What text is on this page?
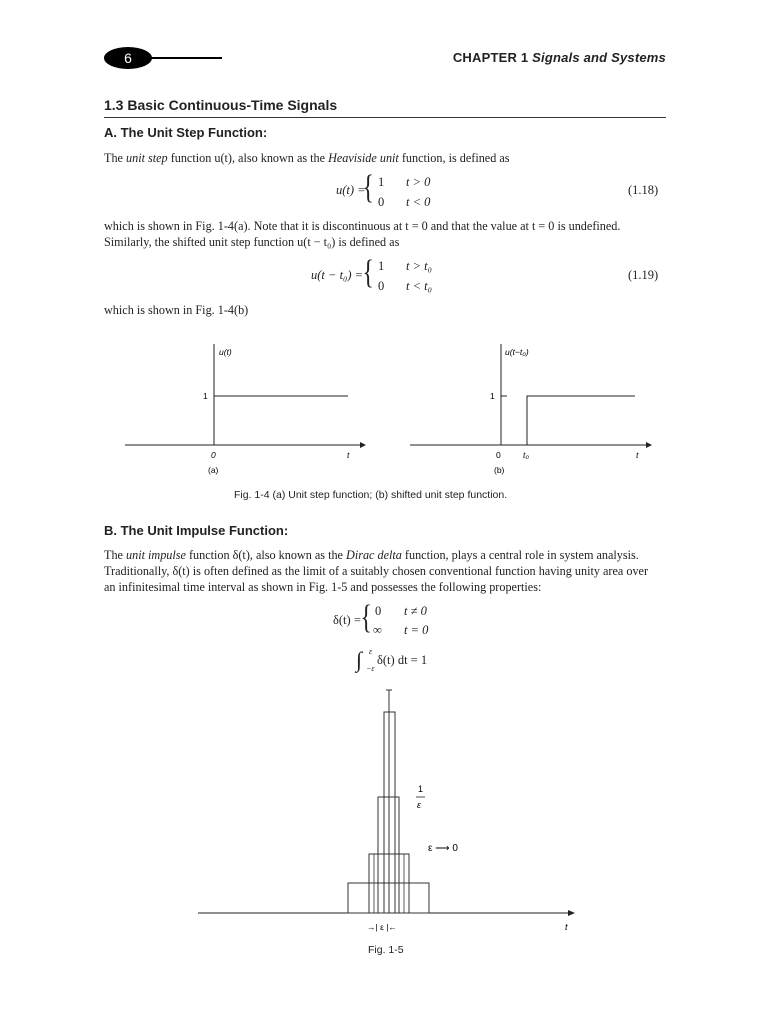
6	CHAPTER 1 Signals and Systems
1.3 Basic Continuous-Time Signals
A. The Unit Step Function:
The unit step function u(t), also known as the Heaviside unit function, is defined as
u(t) =
{ 1 t > 0
0 t < 0
(1.18)
which is shown in Fig. 1-4(a). Note that it is discontinuous at t = 0 and that the value at t = 0 is undefined.
Similarly, the shifted unit step function u(t − t₀) is defined as
u(t − t₀) = { 1 t > t₀
0 t < t₀
(1.19)
which is shown in Fig. 1-4(b)
u(t)
1
0	t
(a)
u(t−t₀)
1
0	t₀	t
(b)
Fig. 1-4 (a) Unit step function; (b) shifted unit step function.
B. The Unit Impulse Function:
The unit impulse function δ(t), also known as the Dirac delta function, plays a central role in system analysis.
Traditionally, δ(t) is often defined as the limit of a suitably chosen conventional function having unity area over
an infinitesimal time interval as shown in Fig. 1-5 and possesses the following properties:
δ(t) = { 0 t ≠ 0
∞ t = 0
∫ ε
−ε
δ(t) dt = 1
1
ε
ε ⟶ 0
→| ε |←	t
Fig. 1-5
